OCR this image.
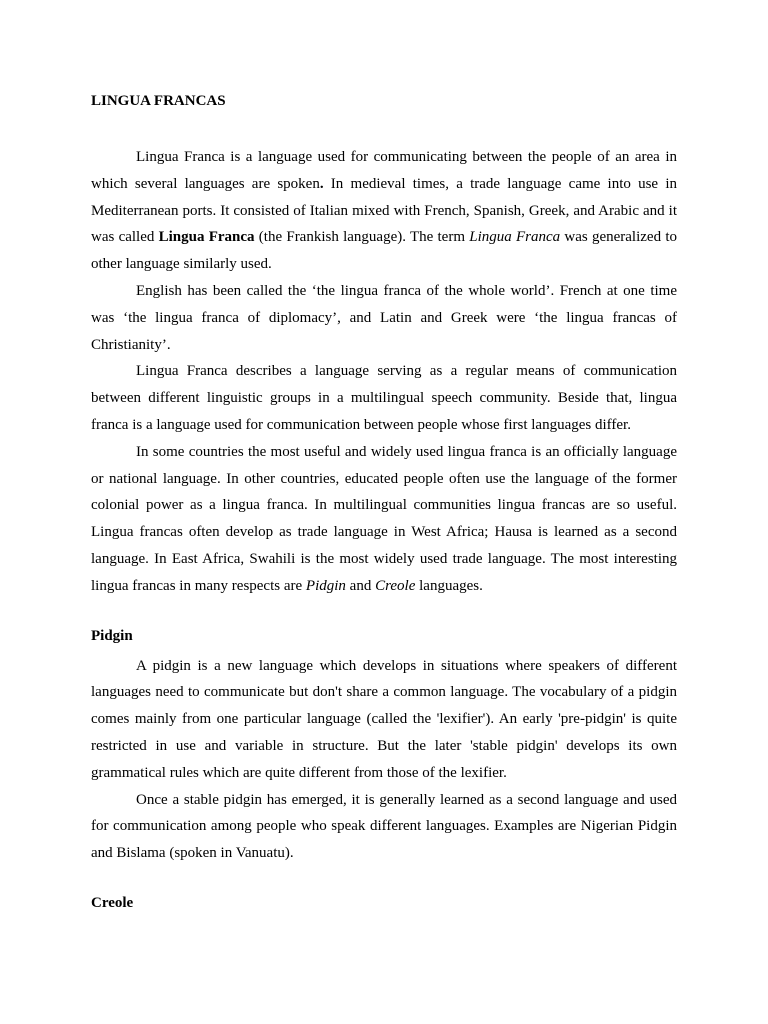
LINGUA FRANCAS

Lingua Franca is a language used for communicating between the people of an area in which several languages are spoken. In medieval times, a trade language came into use in Mediterranean ports. It consisted of Italian mixed with French, Spanish, Greek, and Arabic and it was called Lingua Franca (the Frankish language). The term Lingua Franca was generalized to other language similarly used.

English has been called the ‘the lingua franca of the whole world’. French at one time was ‘the lingua franca of diplomacy’, and Latin and Greek were ‘the lingua francas of Christianity’.

Lingua Franca describes a language serving as a regular means of communication between different linguistic groups in a multilingual speech community. Beside that, lingua franca is a language used for communication between people whose first languages differ.

In some countries the most useful and widely used lingua franca is an officially language or national language. In other countries, educated people often use the language of the former colonial power as a lingua franca. In multilingual communities lingua francas are so useful. Lingua francas often develop as trade language in West Africa; Hausa is learned as a second language. In East Africa, Swahili is the most widely used trade language. The most interesting lingua francas in many respects are Pidgin and Creole languages.

Pidgin

A pidgin is a new language which develops in situations where speakers of different languages need to communicate but don't share a common language. The vocabulary of a pidgin comes mainly from one particular language (called the 'lexifier'). An early 'pre-pidgin' is quite restricted in use and variable in structure. But the later 'stable pidgin' develops its own grammatical rules which are quite different from those of the lexifier.

Once a stable pidgin has emerged, it is generally learned as a second language and used for communication among people who speak different languages. Examples are Nigerian Pidgin and Bislama (spoken in Vanuatu).

Creole
